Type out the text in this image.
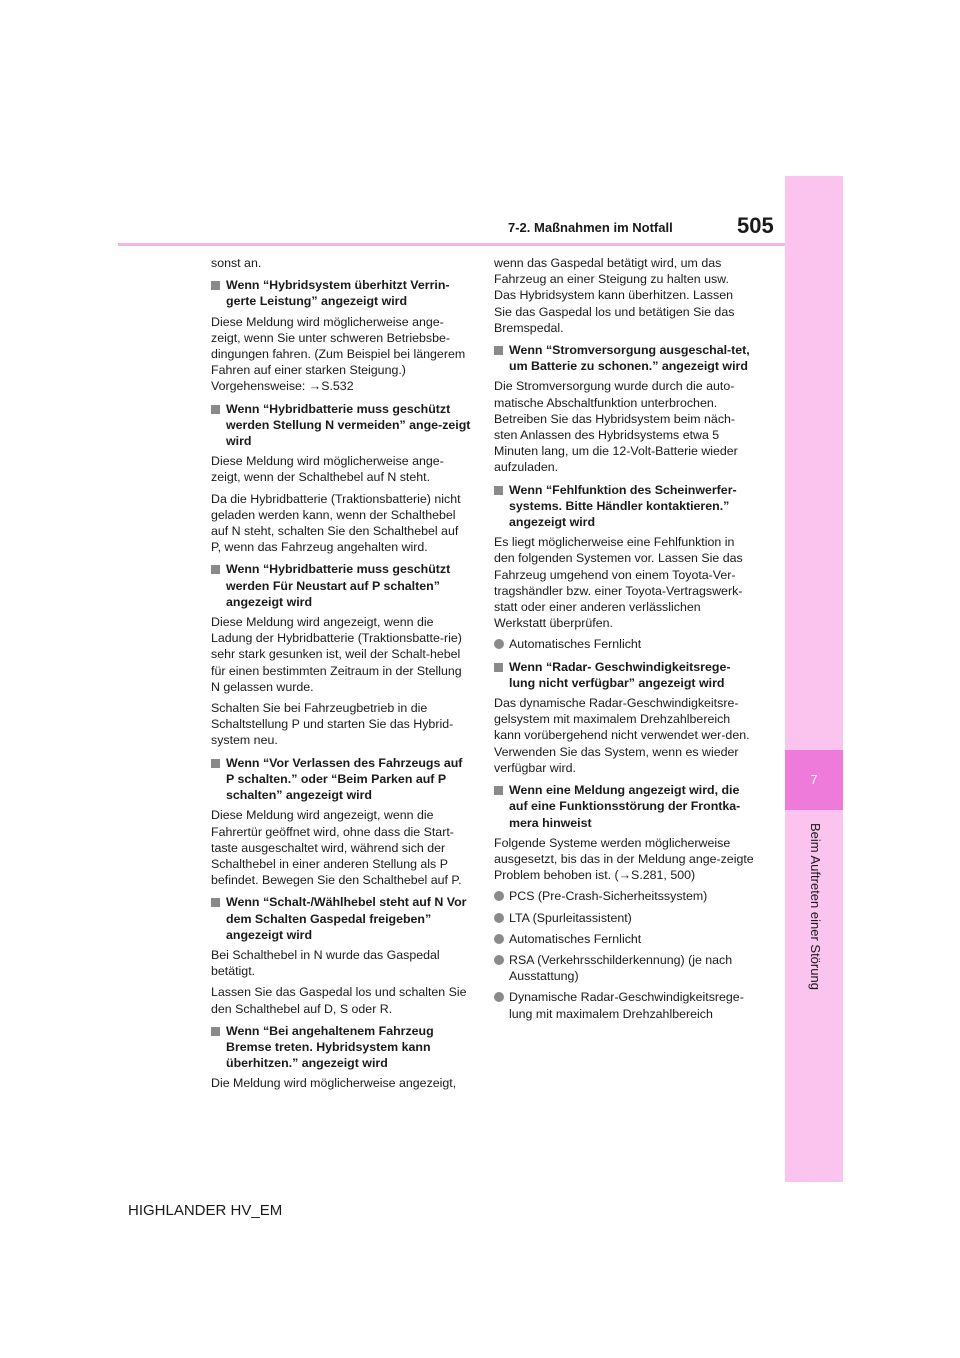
7
Beim Auftreten einer Störung
7-2. Maßnahmen im Notfall	505

sonst an.

Wenn “Hybridsystem überhitzt Verrin-gerte Leistung” angezeigt wird

Diese Meldung wird möglicherweise ange-zeigt, wenn Sie unter schweren Betriebsbe-dingungen fahren. (Zum Beispiel bei längerem Fahren auf einer starken Steigung.) Vorgehensweise: →S.532

Wenn “Hybridbatterie muss geschützt werden Stellung N vermeiden” ange-zeigt wird

Diese Meldung wird möglicherweise ange-zeigt, wenn der Schalthebel auf N steht.

Da die Hybridbatterie (Traktionsbatterie) nicht geladen werden kann, wenn der Schalthebel auf N steht, schalten Sie den Schalthebel auf P, wenn das Fahrzeug angehalten wird.

Wenn “Hybridbatterie muss geschützt werden Für Neustart auf P schalten” angezeigt wird

Diese Meldung wird angezeigt, wenn die Ladung der Hybridbatterie (Traktionsbatte-rie) sehr stark gesunken ist, weil der Schalt-hebel für einen bestimmten Zeitraum in der Stellung N gelassen wurde.

Schalten Sie bei Fahrzeugbetrieb in die Schaltstellung P und starten Sie das Hybrid-system neu.

Wenn “Vor Verlassen des Fahrzeugs auf P schalten.” oder “Beim Parken auf P schalten” angezeigt wird

Diese Meldung wird angezeigt, wenn die Fahrertür geöffnet wird, ohne dass die Start-taste ausgeschaltet wird, während sich der Schalthebel in einer anderen Stellung als P befindet. Bewegen Sie den Schalthebel auf P.

Wenn “Schalt-/Wählhebel steht auf N Vor dem Schalten Gaspedal freigeben” angezeigt wird

Bei Schalthebel in N wurde das Gaspedal betätigt.

Lassen Sie das Gaspedal los und schalten Sie den Schalthebel auf D, S oder R.

Wenn “Bei angehaltenem Fahrzeug Bremse treten. Hybridsystem kann überhitzen.” angezeigt wird

Die Meldung wird möglicherweise angezeigt,

wenn das Gaspedal betätigt wird, um das Fahrzeug an einer Steigung zu halten usw. Das Hybridsystem kann überhitzen. Lassen Sie das Gaspedal los und betätigen Sie das Bremspedal.

Wenn “Stromversorgung ausgeschal-tet, um Batterie zu schonen.” angezeigt wird

Die Stromversorgung wurde durch die auto-matische Abschaltfunktion unterbrochen. Betreiben Sie das Hybridsystem beim näch-sten Anlassen des Hybridsystems etwa 5 Minuten lang, um die 12-Volt-Batterie wieder aufzuladen.

Wenn “Fehlfunktion des Scheinwerfer-systems. Bitte Händler kontaktieren.” angezeigt wird

Es liegt möglicherweise eine Fehlfunktion in den folgenden Systemen vor. Lassen Sie das Fahrzeug umgehend von einem Toyota-Ver-tragshändler bzw. einer Toyota-Vertragswerk-statt oder einer anderen verlässlichen Werkstatt überprüfen.

Automatisches Fernlicht
Wenn “Radar- Geschwindigkeitsrege-lung nicht verfügbar” angezeigt wird

Das dynamische Radar-Geschwindigkeitsre-gelsystem mit maximalem Drehzahlbereich kann vorübergehend nicht verwendet wer-den. Verwenden Sie das System, wenn es wieder verfügbar wird.

Wenn eine Meldung angezeigt wird, die auf eine Funktionsstörung der Frontka-mera hinweist

Folgende Systeme werden möglicherweise ausgesetzt, bis das in der Meldung ange-zeigte Problem behoben ist. (→S.281, 500)

PCS (Pre-Crash-Sicherheitssystem)
LTA (Spurleitassistent)
Automatisches Fernlicht
RSA (Verkehrsschilderkennung) (je nach Ausstattung)
Dynamische Radar-Geschwindigkeitsrege-lung mit maximalem Drehzahlbereich
HIGHLANDER HV_EM
